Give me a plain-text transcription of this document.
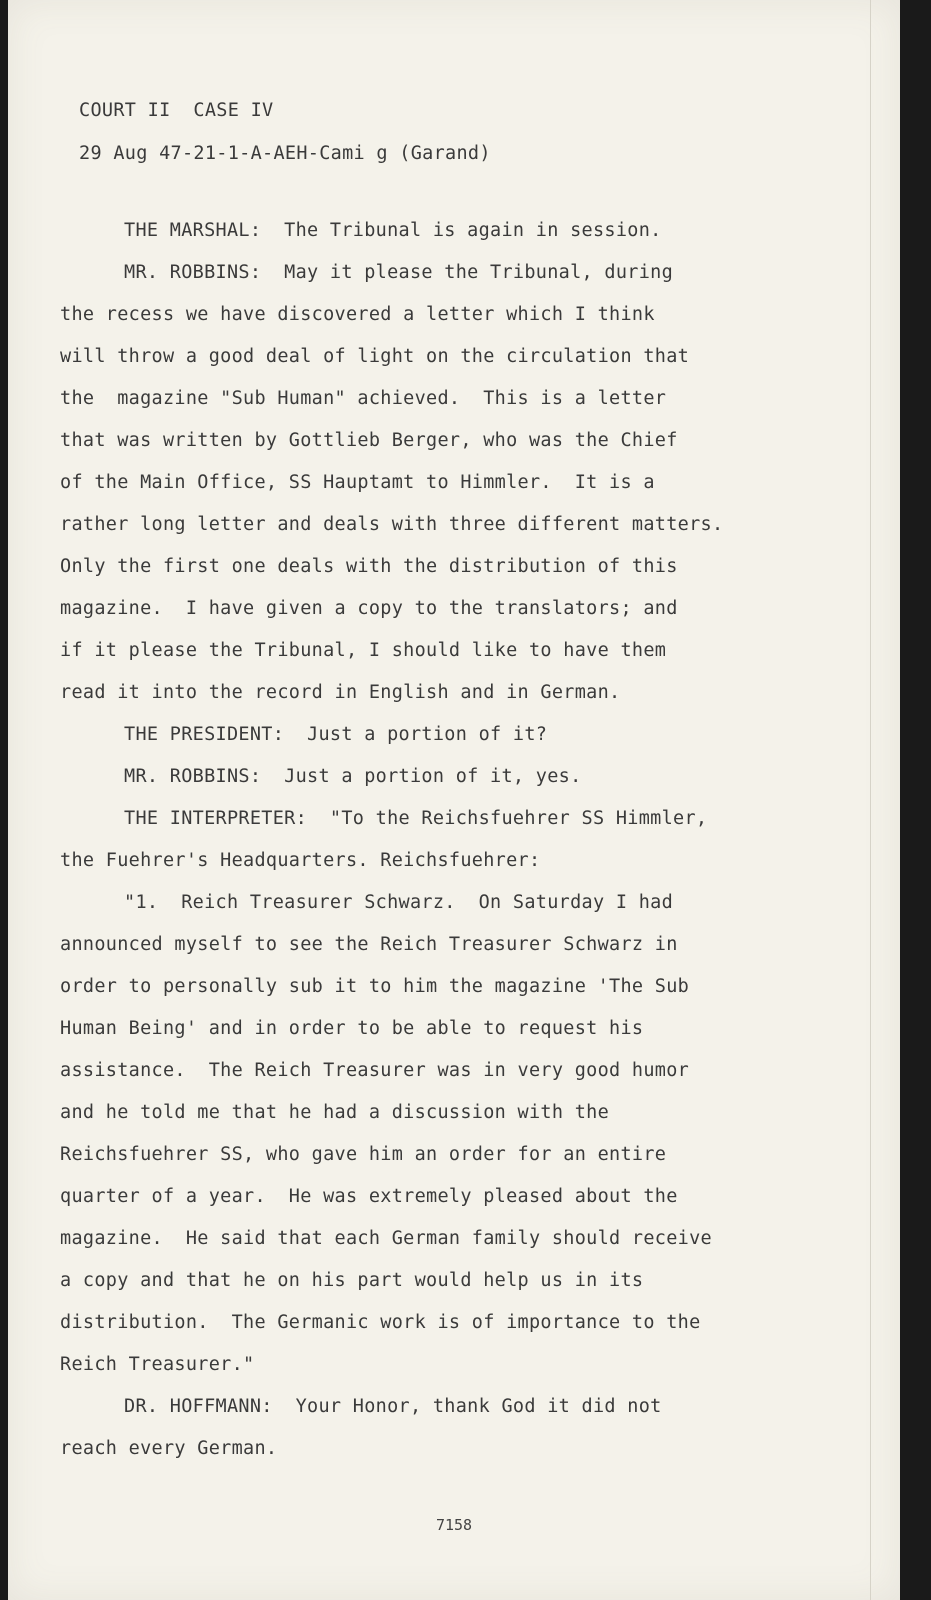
COURT II  CASE IV
29 Aug 47-21-1-A-AEH-Cami g (Garand)

THE MARSHAL:  The Tribunal is again in session.

MR. ROBBINS:  May it please the Tribunal, during

the recess we have discovered a letter which I think

will throw a good deal of light on the circulation that

the  magazine "Sub Human" achieved.  This is a letter

that was written by Gottlieb Berger, who was the Chief

of the Main Office, SS Hauptamt to Himmler.  It is a

rather long letter and deals with three different matters.

Only the first one deals with the distribution of this

magazine.  I have given a copy to the translators; and

if it please the Tribunal, I should like to have them

read it into the record in English and in German.

THE PRESIDENT:  Just a portion of it?

MR. ROBBINS:  Just a portion of it, yes.

THE INTERPRETER:  "To the Reichsfuehrer SS Himmler,

the Fuehrer's Headquarters. Reichsfuehrer:

"1.  Reich Treasurer Schwarz.  On Saturday I had

announced myself to see the Reich Treasurer Schwarz in

order to personally sub it to him the magazine 'The Sub

Human Being' and in order to be able to request his

assistance.  The Reich Treasurer was in very good humor

and he told me that he had a discussion with the

Reichsfuehrer SS, who gave him an order for an entire

quarter of a year.  He was extremely pleased about the

magazine.  He said that each German family should receive

a copy and that he on his part would help us in its

distribution.  The Germanic work is of importance to the

Reich Treasurer."

DR. HOFFMANN:  Your Honor, thank God it did not

reach every German.

7158
